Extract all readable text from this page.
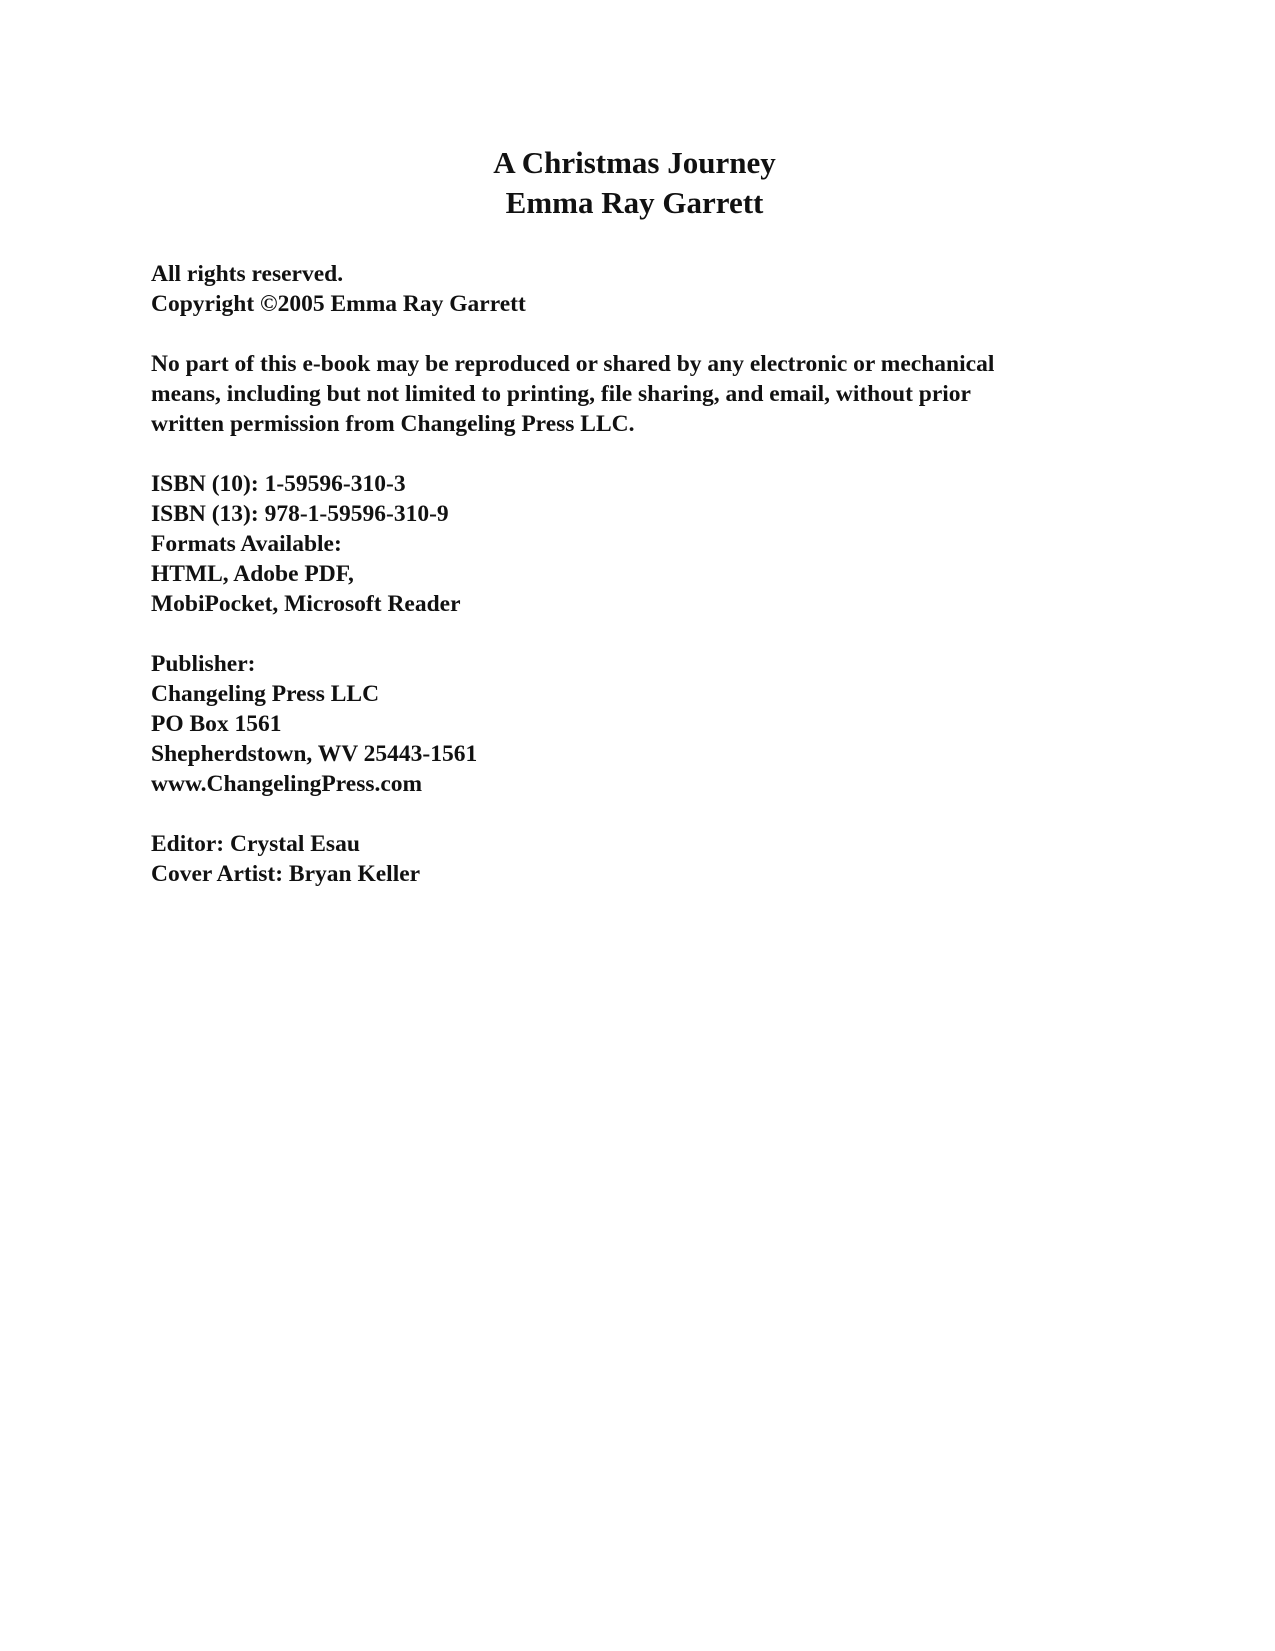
A Christmas Journey
Emma Ray Garrett
All rights reserved.
Copyright ©2005 Emma Ray Garrett
No part of this e-book may be reproduced or shared by any electronic or mechanical
means, including but not limited to printing, file sharing, and email, without prior
written permission from Changeling Press LLC.
ISBN (10): 1-59596-310-3
ISBN (13): 978-1-59596-310-9
Formats Available:
HTML, Adobe PDF,
MobiPocket, Microsoft Reader
Publisher:
Changeling Press LLC
PO Box 1561
Shepherdstown, WV 25443-1561
www.ChangelingPress.com
Editor: Crystal Esau
Cover Artist: Bryan Keller
